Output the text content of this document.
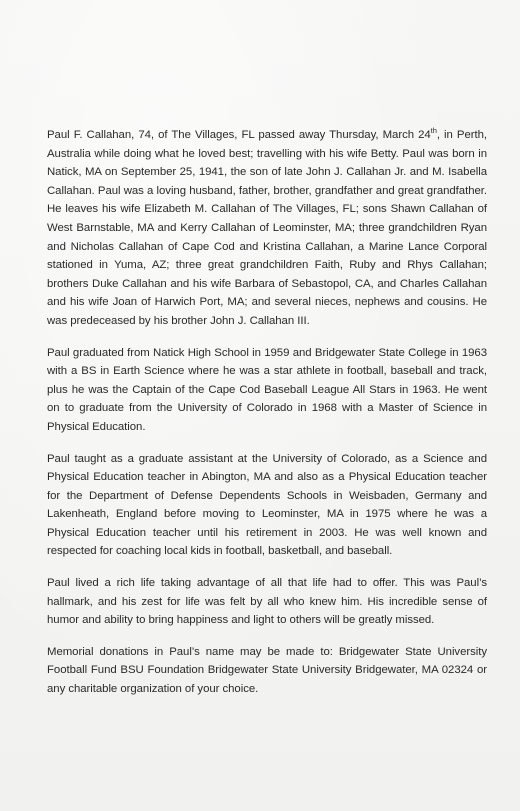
Paul F. Callahan, 74, of The Villages, FL passed away Thursday, March 24th, in Perth, Australia while doing what he loved best; travelling with his wife Betty. Paul was born in Natick, MA on September 25, 1941, the son of late John J. Callahan Jr. and M. Isabella Callahan. Paul was a loving husband, father, brother, grandfather and great grandfather. He leaves his wife Elizabeth M. Callahan of The Villages, FL; sons Shawn Callahan of West Barnstable, MA and Kerry Callahan of Leominster, MA; three grandchildren Ryan and Nicholas Callahan of Cape Cod and Kristina Callahan, a Marine Lance Corporal stationed in Yuma, AZ; three great grandchildren Faith, Ruby and Rhys Callahan; brothers Duke Callahan and his wife Barbara of Sebastopol, CA, and Charles Callahan and his wife Joan of Harwich Port, MA; and several nieces, nephews and cousins. He was predeceased by his brother John J. Callahan III.

Paul graduated from Natick High School in 1959 and Bridgewater State College in 1963 with a BS in Earth Science where he was a star athlete in football, baseball and track, plus he was the Captain of the Cape Cod Baseball League All Stars in 1963. He went on to graduate from the University of Colorado in 1968 with a Master of Science in Physical Education.

Paul taught as a graduate assistant at the University of Colorado, as a Science and Physical Education teacher in Abington, MA and also as a Physical Education teacher for the Department of Defense Dependents Schools in Weisbaden, Germany and Lakenheath, England before moving to Leominster, MA in 1975 where he was a Physical Education teacher until his retirement in 2003. He was well known and respected for coaching local kids in football, basketball, and baseball.

Paul lived a rich life taking advantage of all that life had to offer. This was Paul’s hallmark, and his zest for life was felt by all who knew him. His incredible sense of humor and ability to bring happiness and light to others will be greatly missed.

Memorial donations in Paul’s name may be made to: Bridgewater State University Football Fund BSU Foundation Bridgewater State University Bridgewater, MA 02324 or any charitable organization of your choice.
